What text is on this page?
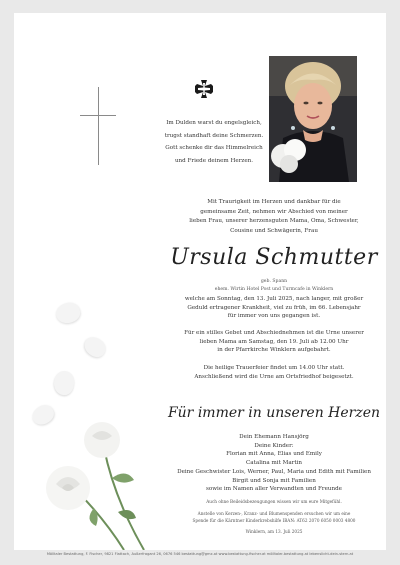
Im Dulden warst du engelsgleich,
trugst standhaft deine Schmerzen.
Gott schenke dir das Himmelreich
und Friede deinem Herzen.
Mit Traurigkeit im Herzen und dankbar für die
gemeinsame Zeit, nehmen wir Abschied von meiner
lieben Frau, unserer herzensguten Mama, Oma, Schwester,
Cousine und Schwägerin, Frau
Ursula Schmutter
geb. Spann
ehem. Wirtin Hotel Post und Turmcafe in Winklern
welche am Sonntag, den 13. Juli 2025, nach langer, mit großer
Geduld ertragener Krankheit, viel zu früh, im 66. Lebensjahr
für immer von uns gegangen ist.
Für ein stilles Gebet und Abschiednehmen ist die Urne unserer
lieben Mama am Samstag, den 19. Juli ab 12.00 Uhr
in der Pfarrkirche Winklern aufgebahrt.
Die heilige Trauerfeier findet um 14.00 Uhr statt.
Anschließend wird die Urne am Ortsfriedhof beigesetzt.
Für immer in unseren Herzen
Dein Ehemann Hansjörg
Deine Kinder:
Florian mit Anna, Elias und Emily
Catalina mit Martin
Deine Geschwister Lois, Werner, Paul, Maria und Edith mit Familien
Birgit und Sonja mit Familien
sowie im Namen aller Verwandten und Freunde
Auch ohne Beileidsbezeugungen wissen wir um eure Mitgefühl.
Anstelle von Kerzen-, Kranz- und Blumenspenden ersuchen wir um eine
Spende für die Kärntner Kinderkrebshilfe IBAN: AT62 2070 6050 0003 4800
Winklern, am 13. Juli 2025
Mölltaler Bestattung, F. Fischer, 9821 Flattach, Außerfragant 26, 0676 546 bestattung@gmx.at www.bestattung-fischer.at mölltaler-bestattung.at lebenslicht-dein-stern.at
